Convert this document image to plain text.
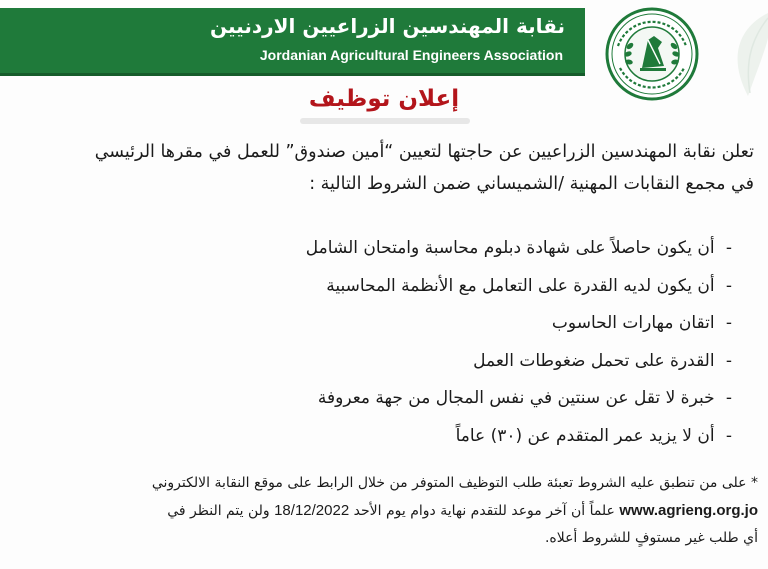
نقابة المهندسين الزراعيين الاردنيين
Jordanian Agricultural Engineers Association
إعلان توظيف

تعلن نقابة المهندسين الزراعيين عن حاجتها لتعيين “أمين صندوق” للعمل في مقرها الرئيسي

في مجمع النقابات المهنية /الشميساني ضمن الشروط التالية :

- أن يكون حاصلاً على شهادة دبلوم محاسبة وامتحان الشامل
- أن يكون لديه القدرة على التعامل مع الأنظمة المحاسبية
- اتقان مهارات الحاسوب
- القدرة على تحمل ضغوطات العمل
- خبرة لا تقل عن سنتين في نفس المجال من جهة معروفة
- أن لا يزيد عمر المتقدم عن (٣٠) عاماً

* على من تنطبق عليه الشروط تعبئة طلب التوظيف المتوفر من خلال الرابط على موقع النقابة الالكتروني

www.agrieng.org.jo علماً أن آخر موعد للتقدم نهاية دوام يوم الأحد 18/12/2022 ولن يتم النظر في

أي طلب غير مستوفٍ للشروط أعلاه.
